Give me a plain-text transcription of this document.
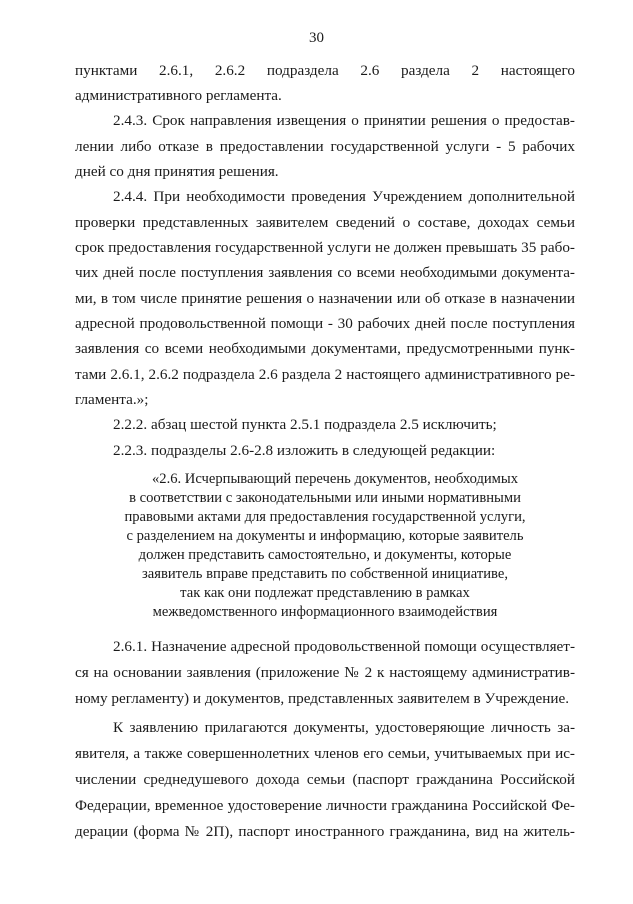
30
пунктами 2.6.1, 2.6.2 подраздела 2.6 раздела 2 настоящего
административного регламента.
2.4.3. Срок направления извещения о принятии решения о предостав-
лении либо отказе в предоставлении государственной услуги - 5 рабочих
дней со дня принятия решения.
2.4.4. При необходимости проведения Учреждением дополнительной
проверки представленных заявителем сведений о составе, доходах семьи
срок предоставления государственной услуги не должен превышать 35 рабо-
чих дней после поступления заявления со всеми необходимыми документа-
ми, в том числе принятие решения о назначении или об отказе в назначении
адресной продовольственной помощи - 30 рабочих дней после поступления
заявления со всеми необходимыми документами, предусмотренными пунк-
тами 2.6.1, 2.6.2 подраздела 2.6 раздела 2 настоящего административного ре-
гламента.»;
2.2.2. абзац шестой пункта 2.5.1 подраздела 2.5 исключить;
2.2.3. подразделы 2.6-2.8 изложить в следующей редакции:
«2.6. Исчерпывающий перечень документов, необходимых
в соответствии с законодательными или иными нормативными
правовыми актами для предоставления государственной услуги,
с разделением на документы и информацию, которые заявитель
должен представить самостоятельно, и документы, которые
заявитель вправе представить по собственной инициативе,
так как они подлежат представлению в рамках
межведомственного информационного взаимодействия
2.6.1. Назначение адресной продовольственной помощи осуществляет-
ся на основании заявления (приложение № 2 к настоящему административ-
ному регламенту) и документов, представленных заявителем в Учреждение.
К заявлению прилагаются документы, удостоверяющие личность за-
явителя, а также совершеннолетних членов его семьи, учитываемых при ис-
числении среднедушевого дохода семьи (паспорт гражданина Российской
Федерации, временное удостоверение личности гражданина Российской Фе-
дерации (форма № 2П), паспорт иностранного гражданина, вид на житель-
